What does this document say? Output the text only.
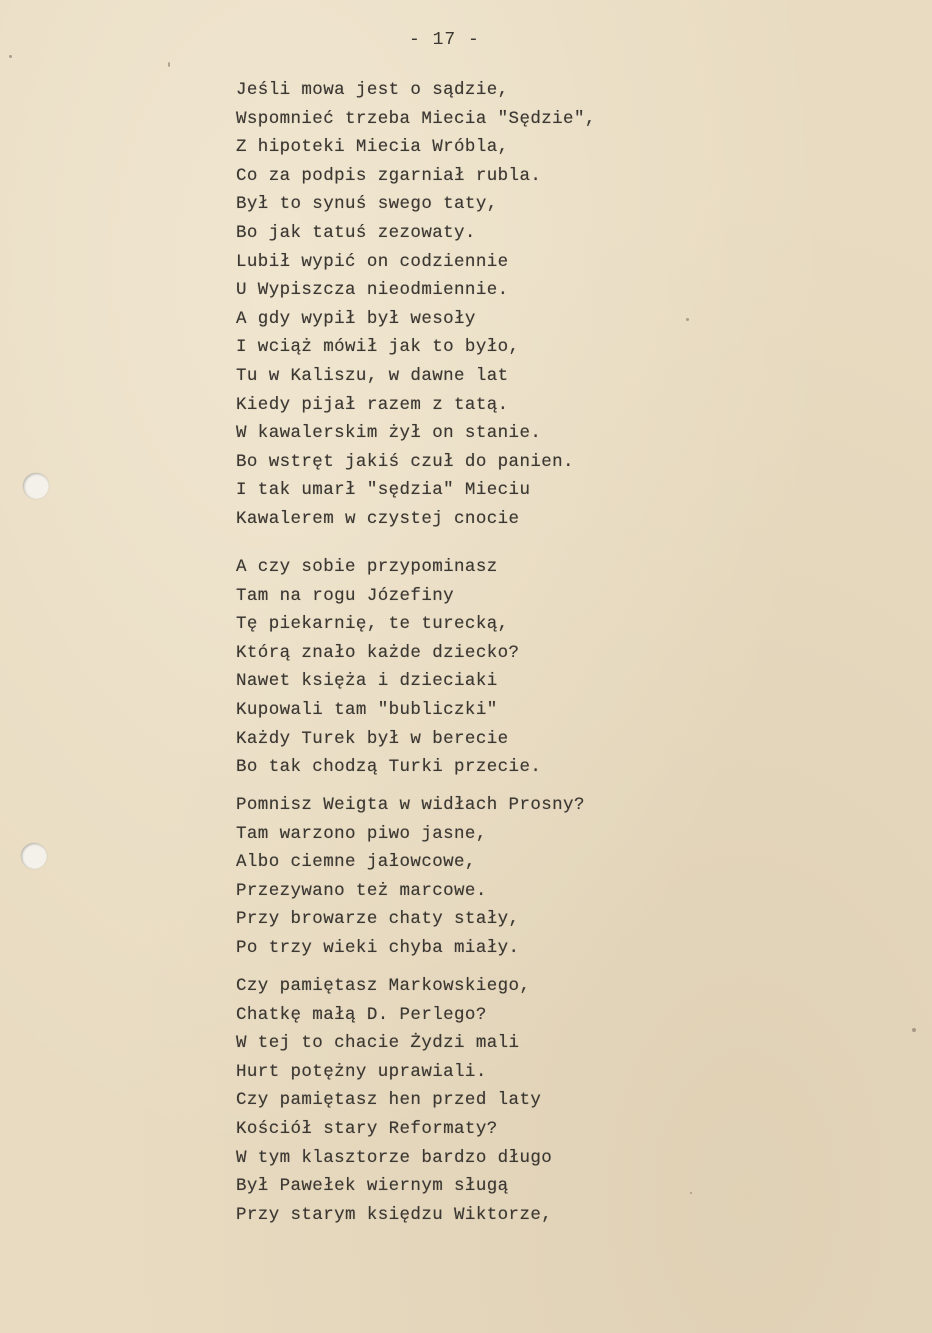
- 17 -
Jeśli mowa jest o sądzie,
Wspomnieć trzeba Miecia "Sędzie",
Z hipoteki Miecia Wróbla,
Co za podpis zgarniał rubla.
Był to synuś swego taty,
Bo jak tatuś zezowaty.
Lubił wypić on codziennie
U Wypiszcza nieodmiennie.
A gdy wypił był wesoły
I wciąż mówił jak to było,
Tu w Kaliszu, w dawne lat
Kiedy pijał razem z tatą.
W kawalerskim żył on stanie.
Bo wstręt jakiś czuł do panien.
I tak umarł "sędzia" Mieciu
Kawalerem w czystej cnocie
A czy sobie przypominasz
Tam na rogu Józefiny
Tę piekarnię, te turecką,
Którą znało każde dziecko?
Nawet księża i dzieciaki
Kupowali tam "bubliczki"
Każdy Turek był w berecie
Bo tak chodzą Turki przecie.
Pomnisz Weigta w widłach Prosny?
Tam warzono piwo jasne,
Albo ciemne jałowcowe,
Przezywano też marcowe.
Przy browarze chaty stały,
Po trzy wieki chyba miały.
Czy pamiętasz Markowskiego,
Chatkę małą D. Perlego?
W tej to chacie Żydzi mali
Hurt potężny uprawiali.
Czy pamiętasz hen przed laty
Kościół stary Reformaty?
W tym klasztorze bardzo długo
Był Pawełek wiernym sługą
Przy starym księdzu Wiktorze,
